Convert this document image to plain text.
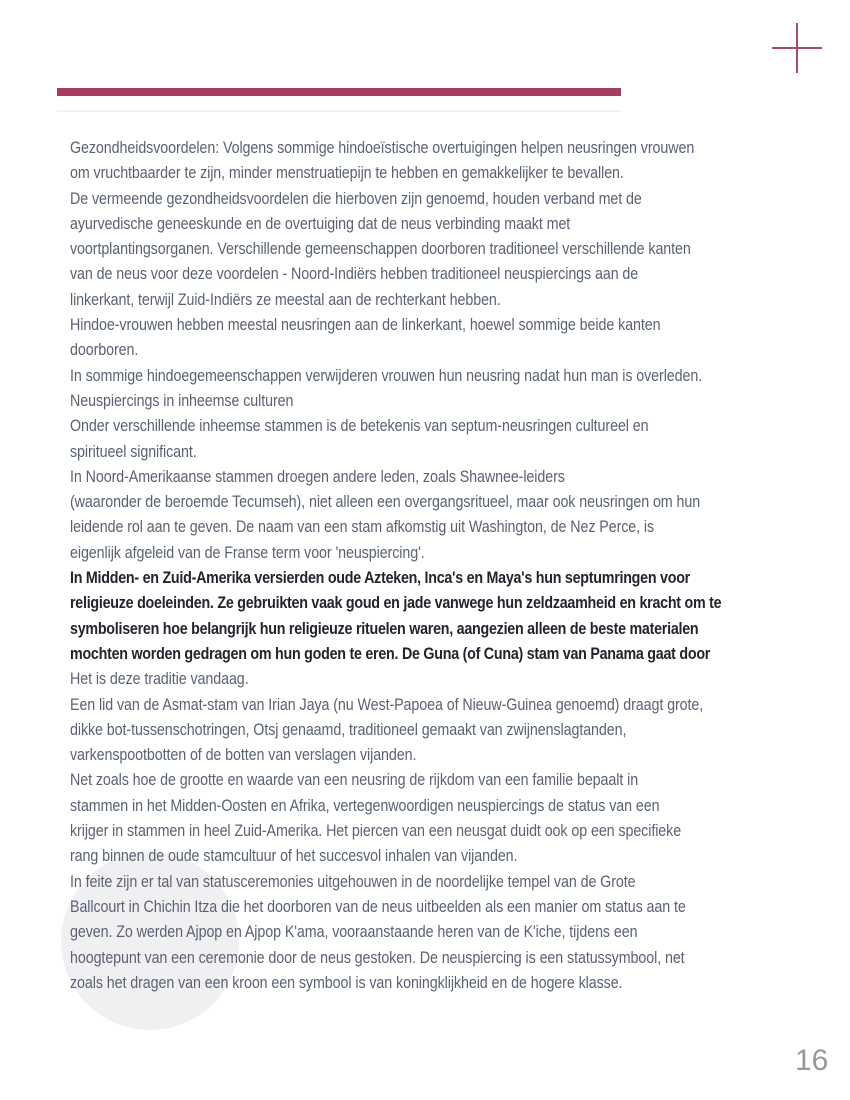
Gezondheidsvoordelen: Volgens sommige hindoeïstische overtuigingen helpen neusringen vrouwen
om vruchtbaarder te zijn, minder menstruatiepijn te hebben en gemakkelijker te bevallen.
De vermeende gezondheidsvoordelen die hierboven zijn genoemd, houden verband met de
ayurvedische geneeskunde en de overtuiging dat de neus verbinding maakt met
voortplantingsorganen. Verschillende gemeenschappen doorboren traditioneel verschillende kanten
van de neus voor deze voordelen - Noord-Indiërs hebben traditioneel neuspiercings aan de
linkerkant, terwijl Zuid-Indiërs ze meestal aan de rechterkant hebben.
Hindoe-vrouwen hebben meestal neusringen aan de linkerkant, hoewel sommige beide kanten
doorboren.
In sommige hindoegemeenschappen verwijderen vrouwen hun neusring nadat hun man is overleden.
Neuspiercings in inheemse culturen
Onder verschillende inheemse stammen is de betekenis van septum-neusringen cultureel en
spiritueel significant.
In Noord-Amerikaanse stammen droegen andere leden, zoals Shawnee-leiders
(waaronder de beroemde Tecumseh), niet alleen een overgangsritueel, maar ook neusringen om hun
leidende rol aan te geven. De naam van een stam afkomstig uit Washington, de Nez Perce, is
eigenlijk afgeleid van de Franse term voor 'neuspiercing'.
In Midden- en Zuid-Amerika versierden oude Azteken, Inca's en Maya's hun septumringen voor
religieuze doeleinden. Ze gebruikten vaak goud en jade vanwege hun zeldzaamheid en kracht om te
symboliseren hoe belangrijk hun religieuze rituelen waren, aangezien alleen de beste materialen
mochten worden gedragen om hun goden te eren. De Guna (of Cuna) stam van Panama gaat door
Het is deze traditie vandaag.
Een lid van de Asmat-stam van Irian Jaya (nu West-Papoea of Nieuw-Guinea genoemd) draagt grote,
dikke bot-tussenschotringen, Otsj genaamd, traditioneel gemaakt van zwijnenslagtanden,
varkenspootbotten of de botten van verslagen vijanden.
Net zoals hoe de grootte en waarde van een neusring de rijkdom van een familie bepaalt in
stammen in het Midden-Oosten en Afrika, vertegenwoordigen neuspiercings de status van een
krijger in stammen in heel Zuid-Amerika. Het piercen van een neusgat duidt ook op een specifieke
rang binnen de oude stamcultuur of het succesvol inhalen van vijanden.
In feite zijn er tal van statusceremonies uitgehouwen in de noordelijke tempel van de Grote
Ballcourt in Chichin Itza die het doorboren van de neus uitbeelden als een manier om status aan te
geven. Zo werden Ajpop en Ajpop K'ama, vooraanstaande heren van de K'iche, tijdens een
hoogtepunt van een ceremonie door de neus gestoken. De neuspiercing is een statussymbool, net
zoals het dragen van een kroon een symbool is van koningklijkheid en de hogere klasse.
16
